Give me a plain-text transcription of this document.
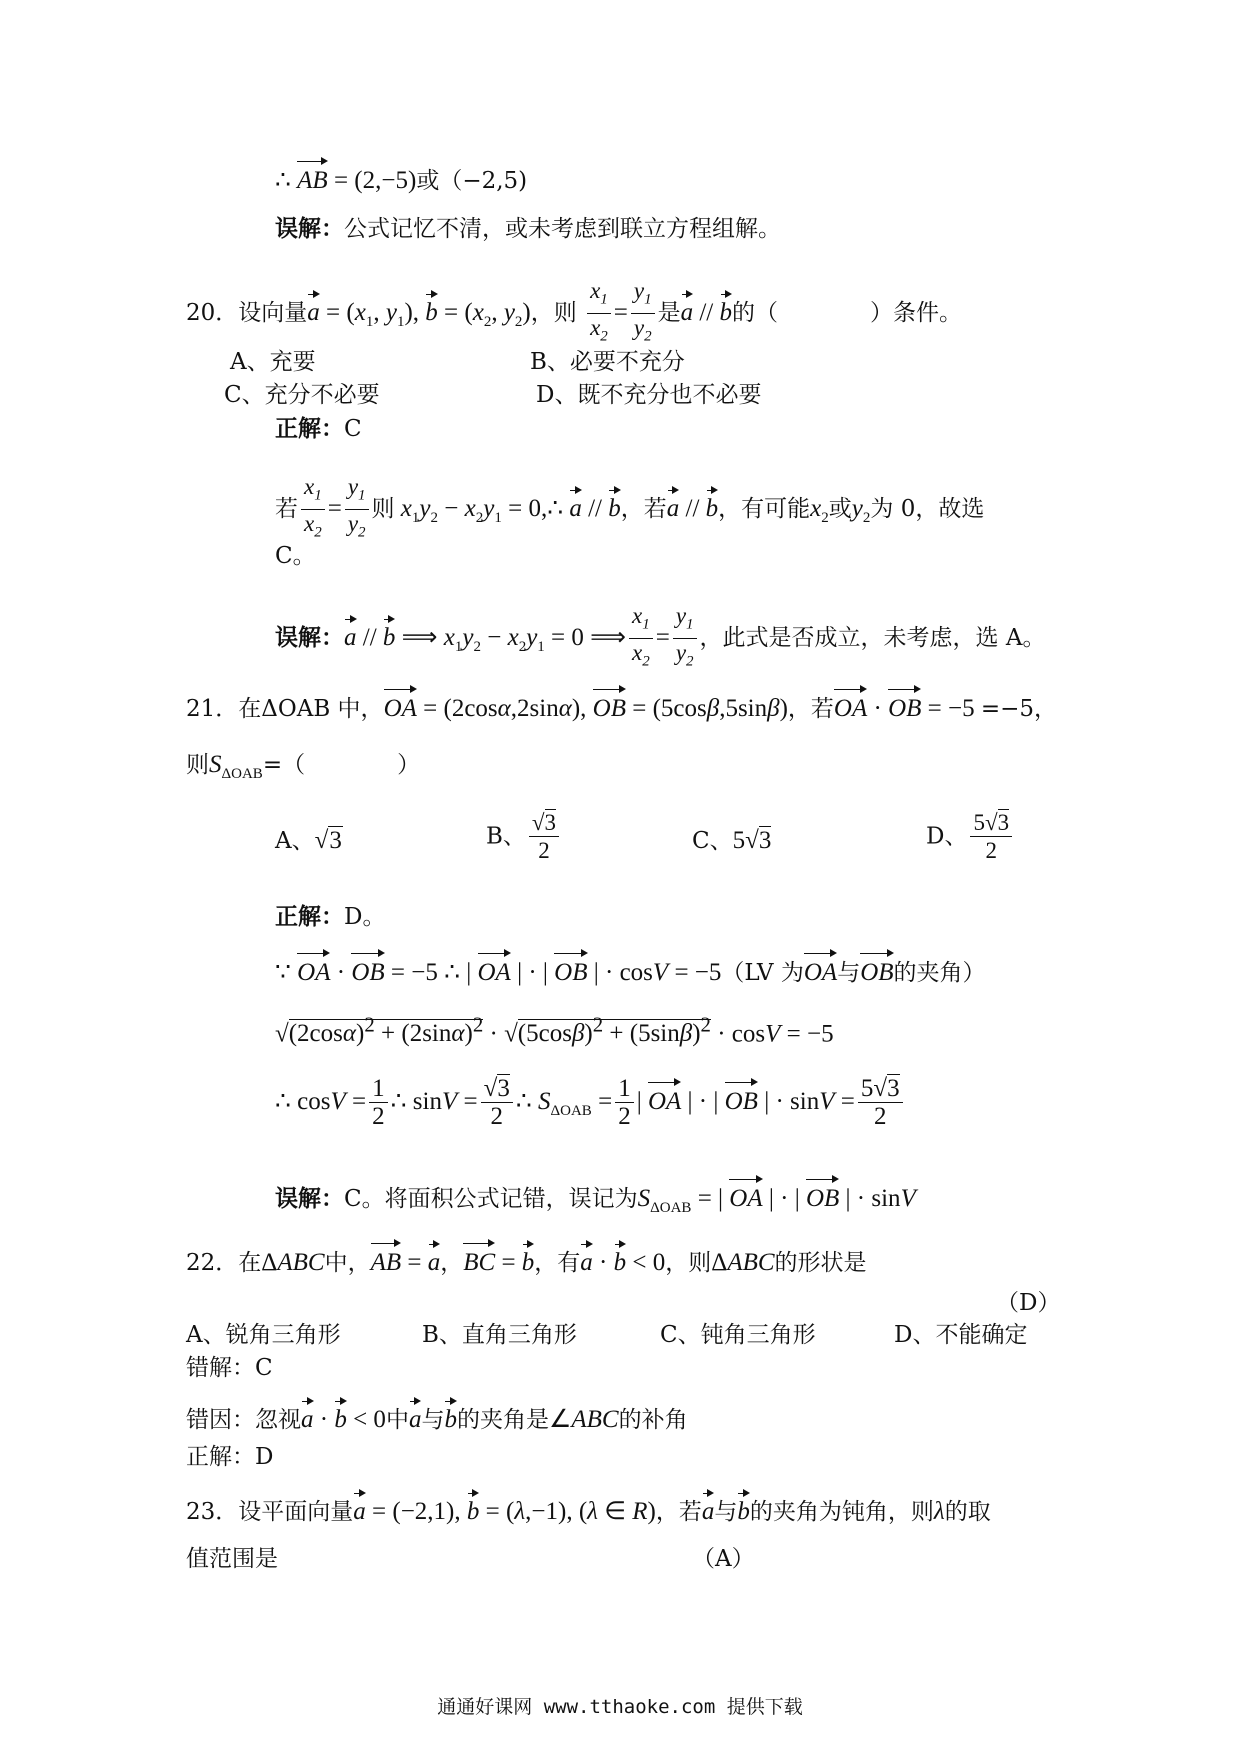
∴ AB = (2,−5)或（−2,5)
误解：公式记忆不清，或未考虑到联立方程组解。
20．设向量$a = (x_1$, $y_1$), $b = (x_2$, $y_2$)，则 $\frac{x_1}{x_2} = \frac{y_1}{y_2}$ 是a // b的（　　　　）条件。
A、充要	B、必要不充分
C、充分不必要	D、既不充分也不必要
正解：C
若 $\frac{x_1}{x_2} = \frac{y_1}{y_2}$ 则 $x_1y_2 - x_2y_1$ = 0,∴ a // b，若a // b，有可能$x_2$或$y_2$为 0，故选
C。
误解：a // b ⟹ $x_1y_2 - x_2y_1 = 0$ ⟹ $\frac{x_1}{x_2} = \frac{y_1}{y_2}$ ，此式是否成立，未考虑，选 A。
21．在ΔOAB 中，OA = (2cosα,2sinα), OB = (5cosβ,5sinβ)，若OA · OB = −5 =−5，
则$S_{\Delta OAB}=$（　　　　）
A、√3	B、 $\frac{√3}{2}$	C、5√3	D、 $\frac{5√3}{2}$
正解：D。
∵ OA · OB = −5 ∴ | OA | · | OB | · cosV = −5（LV 为OA与OB的夹角）
$√(2\cos\alpha)^2 + (2\sin\alpha)^2 \cdot √(5\cos\beta)^2 + (5\sin\beta)^2 \cdot \cos V = -5$
∴ $\cos V = \frac{1}{2}$ ∴ $\sin V = \frac{√3}{2}$ ∴ $S_{\Delta OAB} = \frac{1}{2}$ | OA | · | OB | · $\sin V = \frac{5√3}{2}$
误解：C。将面积公式记错，误记为$S_{\Delta OAB}$ = | OA | · | OB | · sinV
22．在ΔABC中，AB = a，BC = b，有a · b < 0，则ΔABC的形状是
（D）
A、锐角三角形	B、直角三角形	C、钝角三角形	D、不能确定
错解：C
错因：忽视a · b < 0中a与b的夹角是∠ABC的补角
正解：D
23．设平面向量a = (−2,1), b = (λ,−1), (λ ∈ R)，若a与b的夹角为钝角，则λ的取
值范围是	（A）
通通好课网 www.tthaoke.com 提供下载
